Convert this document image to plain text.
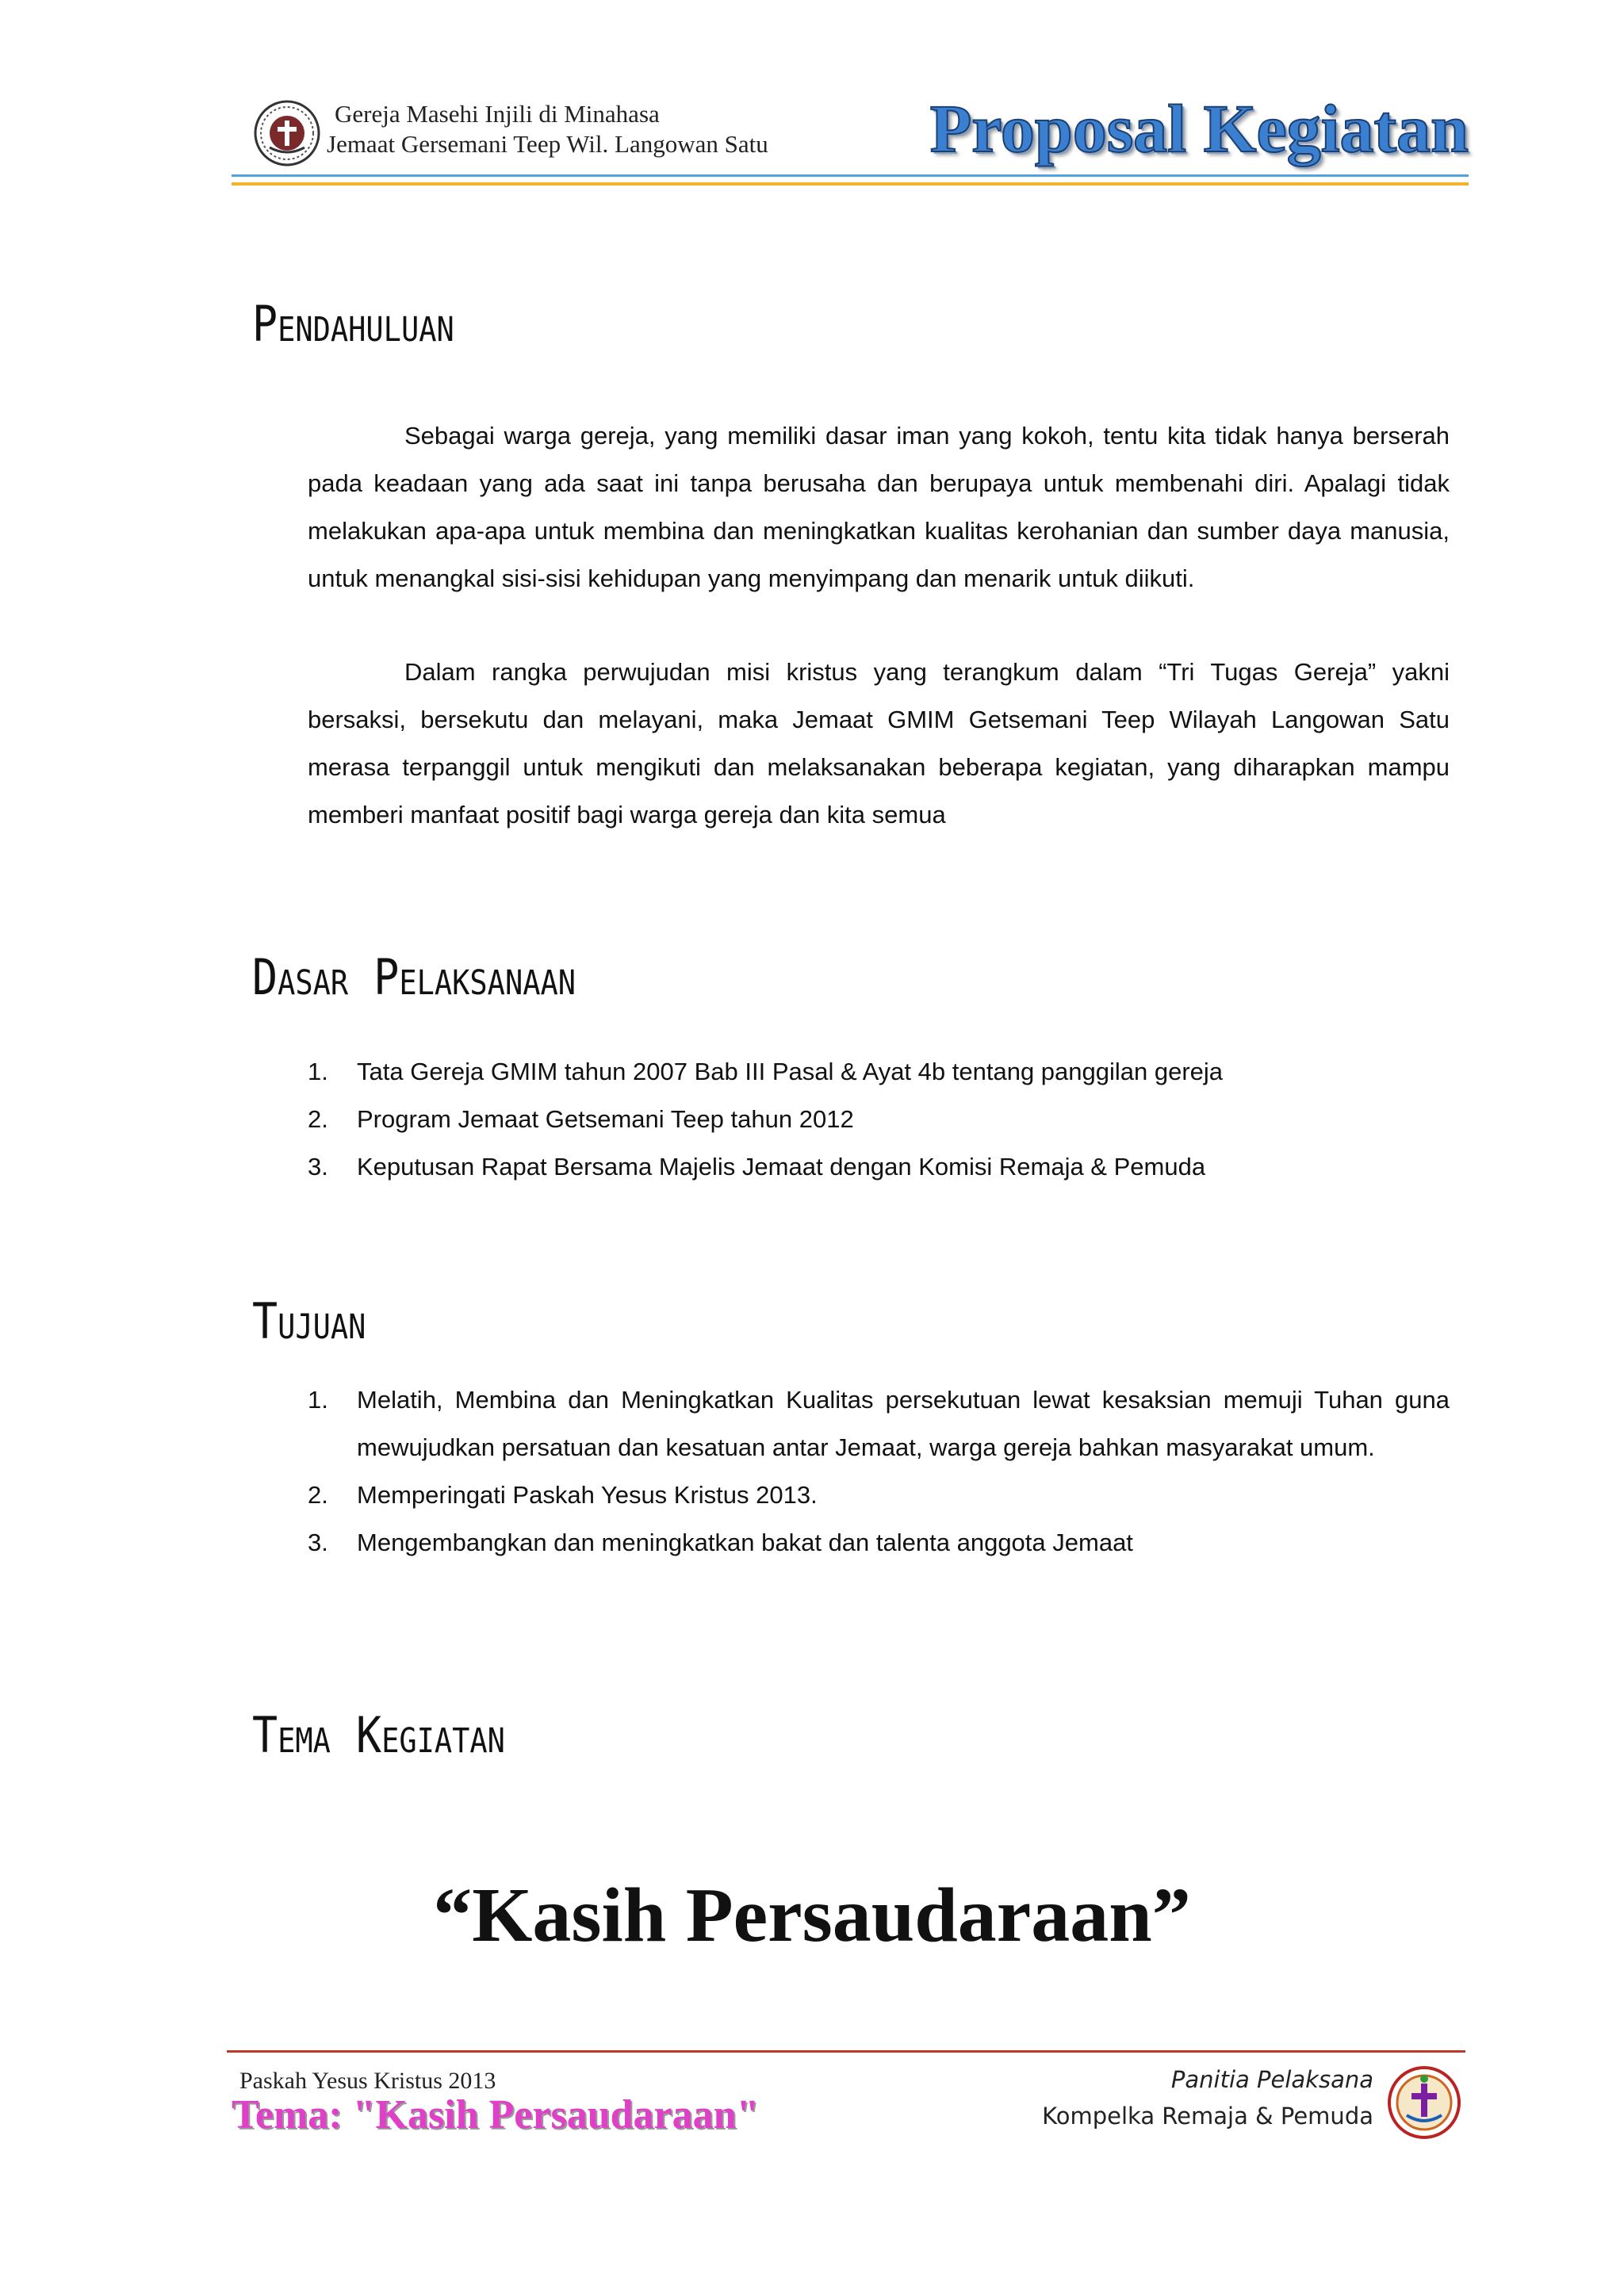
Gereja Masehi Injili di Minahasa
Jemaat Gersemani Teep Wil. Langowan Satu Proposal Kegiatan
Pendahuluan

Sebagai warga gereja, yang memiliki dasar iman yang kokoh, tentu kita tidak hanya berserah pada keadaan yang ada saat ini tanpa berusaha dan berupaya untuk membenahi diri. Apalagi tidak melakukan apa-apa untuk membina dan meningkatkan kualitas kerohanian dan sumber daya manusia, untuk menangkal sisi-sisi kehidupan yang menyimpang dan menarik untuk diikuti.

Dalam rangka perwujudan misi kristus yang terangkum dalam “Tri Tugas Gereja” yakni bersaksi, bersekutu dan melayani, maka Jemaat GMIM Getsemani Teep Wilayah Langowan Satu merasa terpanggil untuk mengikuti dan melaksanakan beberapa kegiatan, yang diharapkan mampu memberi manfaat positif bagi warga gereja dan kita semua

Dasar Pelaksanaan
1. Tata Gereja GMIM tahun 2007 Bab III Pasal & Ayat 4b tentang panggilan gereja
2. Program Jemaat Getsemani Teep tahun 2012
3. Keputusan Rapat Bersama Majelis Jemaat dengan Komisi Remaja & Pemuda
Tujuan
1. Melatih, Membina dan Meningkatkan Kualitas persekutuan lewat kesaksian memuji Tuhan guna mewujudkan persatuan dan kesatuan antar Jemaat, warga gereja bahkan masyarakat umum.
2. Memperingati Paskah Yesus Kristus 2013.
3. Mengembangkan dan meningkatkan bakat dan talenta anggota Jemaat
Tema Kegiatan
“Kasih Persaudaraan”
Paskah Yesus Kristus 2013
Tema: "Kasih Persaudaraan"
Panitia Pelaksana
Kompelka Remaja & Pemuda
